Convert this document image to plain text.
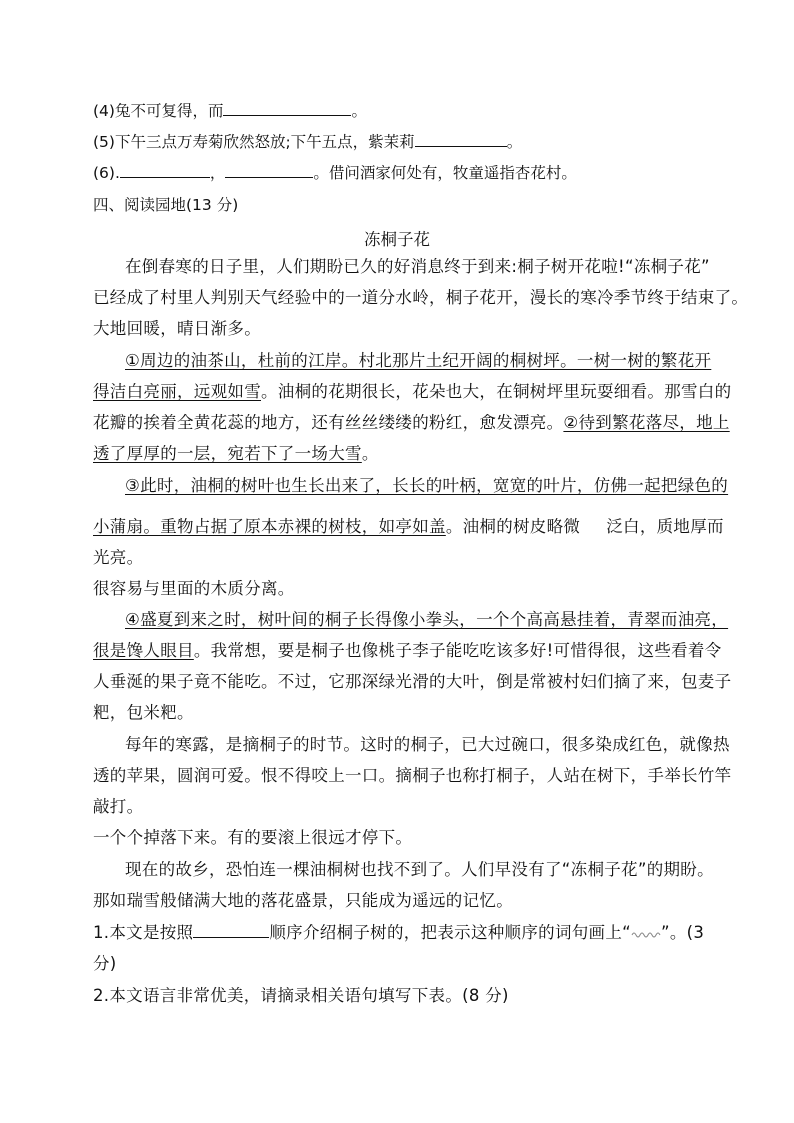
(4)兔不可复得，而	。
(5)下午三点万寿菊欣然怒放;下午五点，紫茉莉	。
(6).	，	。借问酒家何处有，牧童遥指杏花村。
四、阅读园地(13 分)
冻桐子花
在倒春寒的日子里，人们期盼已久的好消息终于到来:桐子树开花啦!“冻桐子花”
已经成了村里人判别天气经验中的一道分水岭，桐子花开，漫长的寒冷季节终于结束了。
大地回暖，晴日渐多。
①周边的油茶山，杜前的江岸。村北那片土纪开阔的桐树坪。一树一树的繁花开
得洁白亮丽，远观如雪。油桐的花期很长，花朵也大，在铜树坪里玩耍细看。那雪白的
花瓣的挨着全黄花蕊的地方，还有丝丝缕缕的粉红，愈发漂亮。②待到繁花落尽，地上
透了厚厚的一层，宛若下了一场大雪。
③此时，油桐的树叶也生长出来了，长长的叶柄，宽宽的叶片，仿佛一起把绿色的
小蒲扇。重物占据了原本赤裸的树枝，如亭如盖。油桐的树皮略微 泛白，质地厚而
光亮。
很容易与里面的木质分离。
④盛夏到来之时，树叶间的桐子长得像小拳头，一个个高高悬挂着，青翠而油亮，
很是馋人眼目。我常想，要是桐子也像桃子李子能吃吃该多好!可惜得很，这些看着令
人垂涎的果子竟不能吃。不过，它那深绿光滑的大叶，倒是常被村妇们摘了来，包麦子
粑，包米粑。
每年的寒露，是摘桐子的时节。这时的桐子，已大过碗口，很多染成红色，就像热
透的苹果，圆润可爱。恨不得咬上一口。摘桐子也称打桐子，人站在树下，手举长竹竿
敲打。
一个个掉落下来。有的要滚上很远才停下。
现在的故乡，恐怕连一棵油桐树也找不到了。人们早没有了“冻桐子花”的期盼。
那如瑞雪般储满大地的落花盛景，只能成为遥远的记忆。
1.本文是按照	顺序介绍桐子树的，把表示这种顺序的词句画上“ ”。(3
分)
2.本文语言非常优美，请摘录相关语句填写下表。(8 分)
